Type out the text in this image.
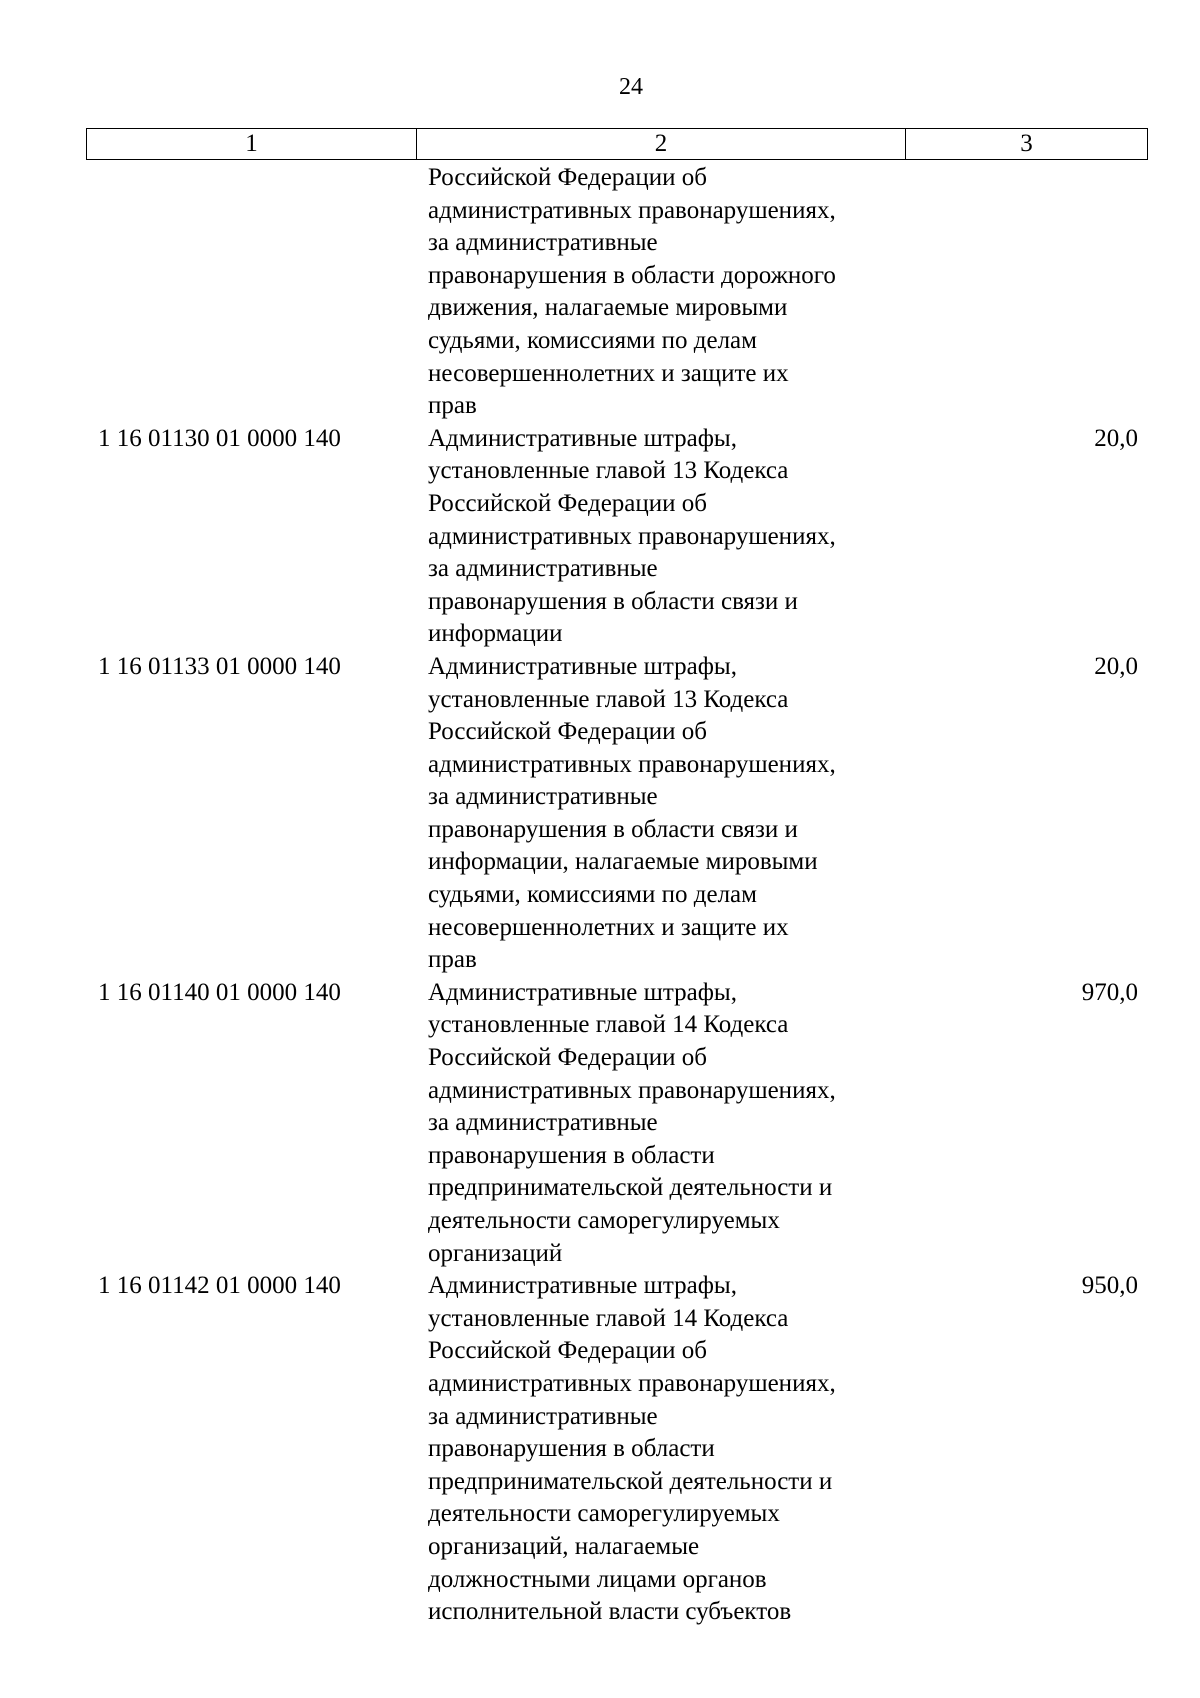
24
1	2	3
Российской Федерации об
административных правонарушениях,
за административные
правонарушения в области дорожного
движения, налагаемые мировыми
судьями, комиссиями по делам
несовершеннолетних и защите их
прав
1 16 01130 01 0000 140	Административные штрафы,
установленные главой 13 Кодекса
Российской Федерации об
административных правонарушениях,
за административные
правонарушения в области связи и
информации
20,0
1 16 01133 01 0000 140	Административные штрафы,
установленные главой 13 Кодекса
Российской Федерации об
административных правонарушениях,
за административные
правонарушения в области связи и
информации, налагаемые мировыми
судьями, комиссиями по делам
несовершеннолетних и защите их
прав
20,0
1 16 01140 01 0000 140	Административные штрафы,
установленные главой 14 Кодекса
Российской Федерации об
административных правонарушениях,
за административные
правонарушения в области
предпринимательской деятельности и
деятельности саморегулируемых
организаций
970,0
1 16 01142 01 0000 140	Административные штрафы,
установленные главой 14 Кодекса
Российской Федерации об
административных правонарушениях,
за административные
правонарушения в области
предпринимательской деятельности и
деятельности саморегулируемых
организаций, налагаемые
должностными лицами органов
исполнительной власти субъектов
950,0
